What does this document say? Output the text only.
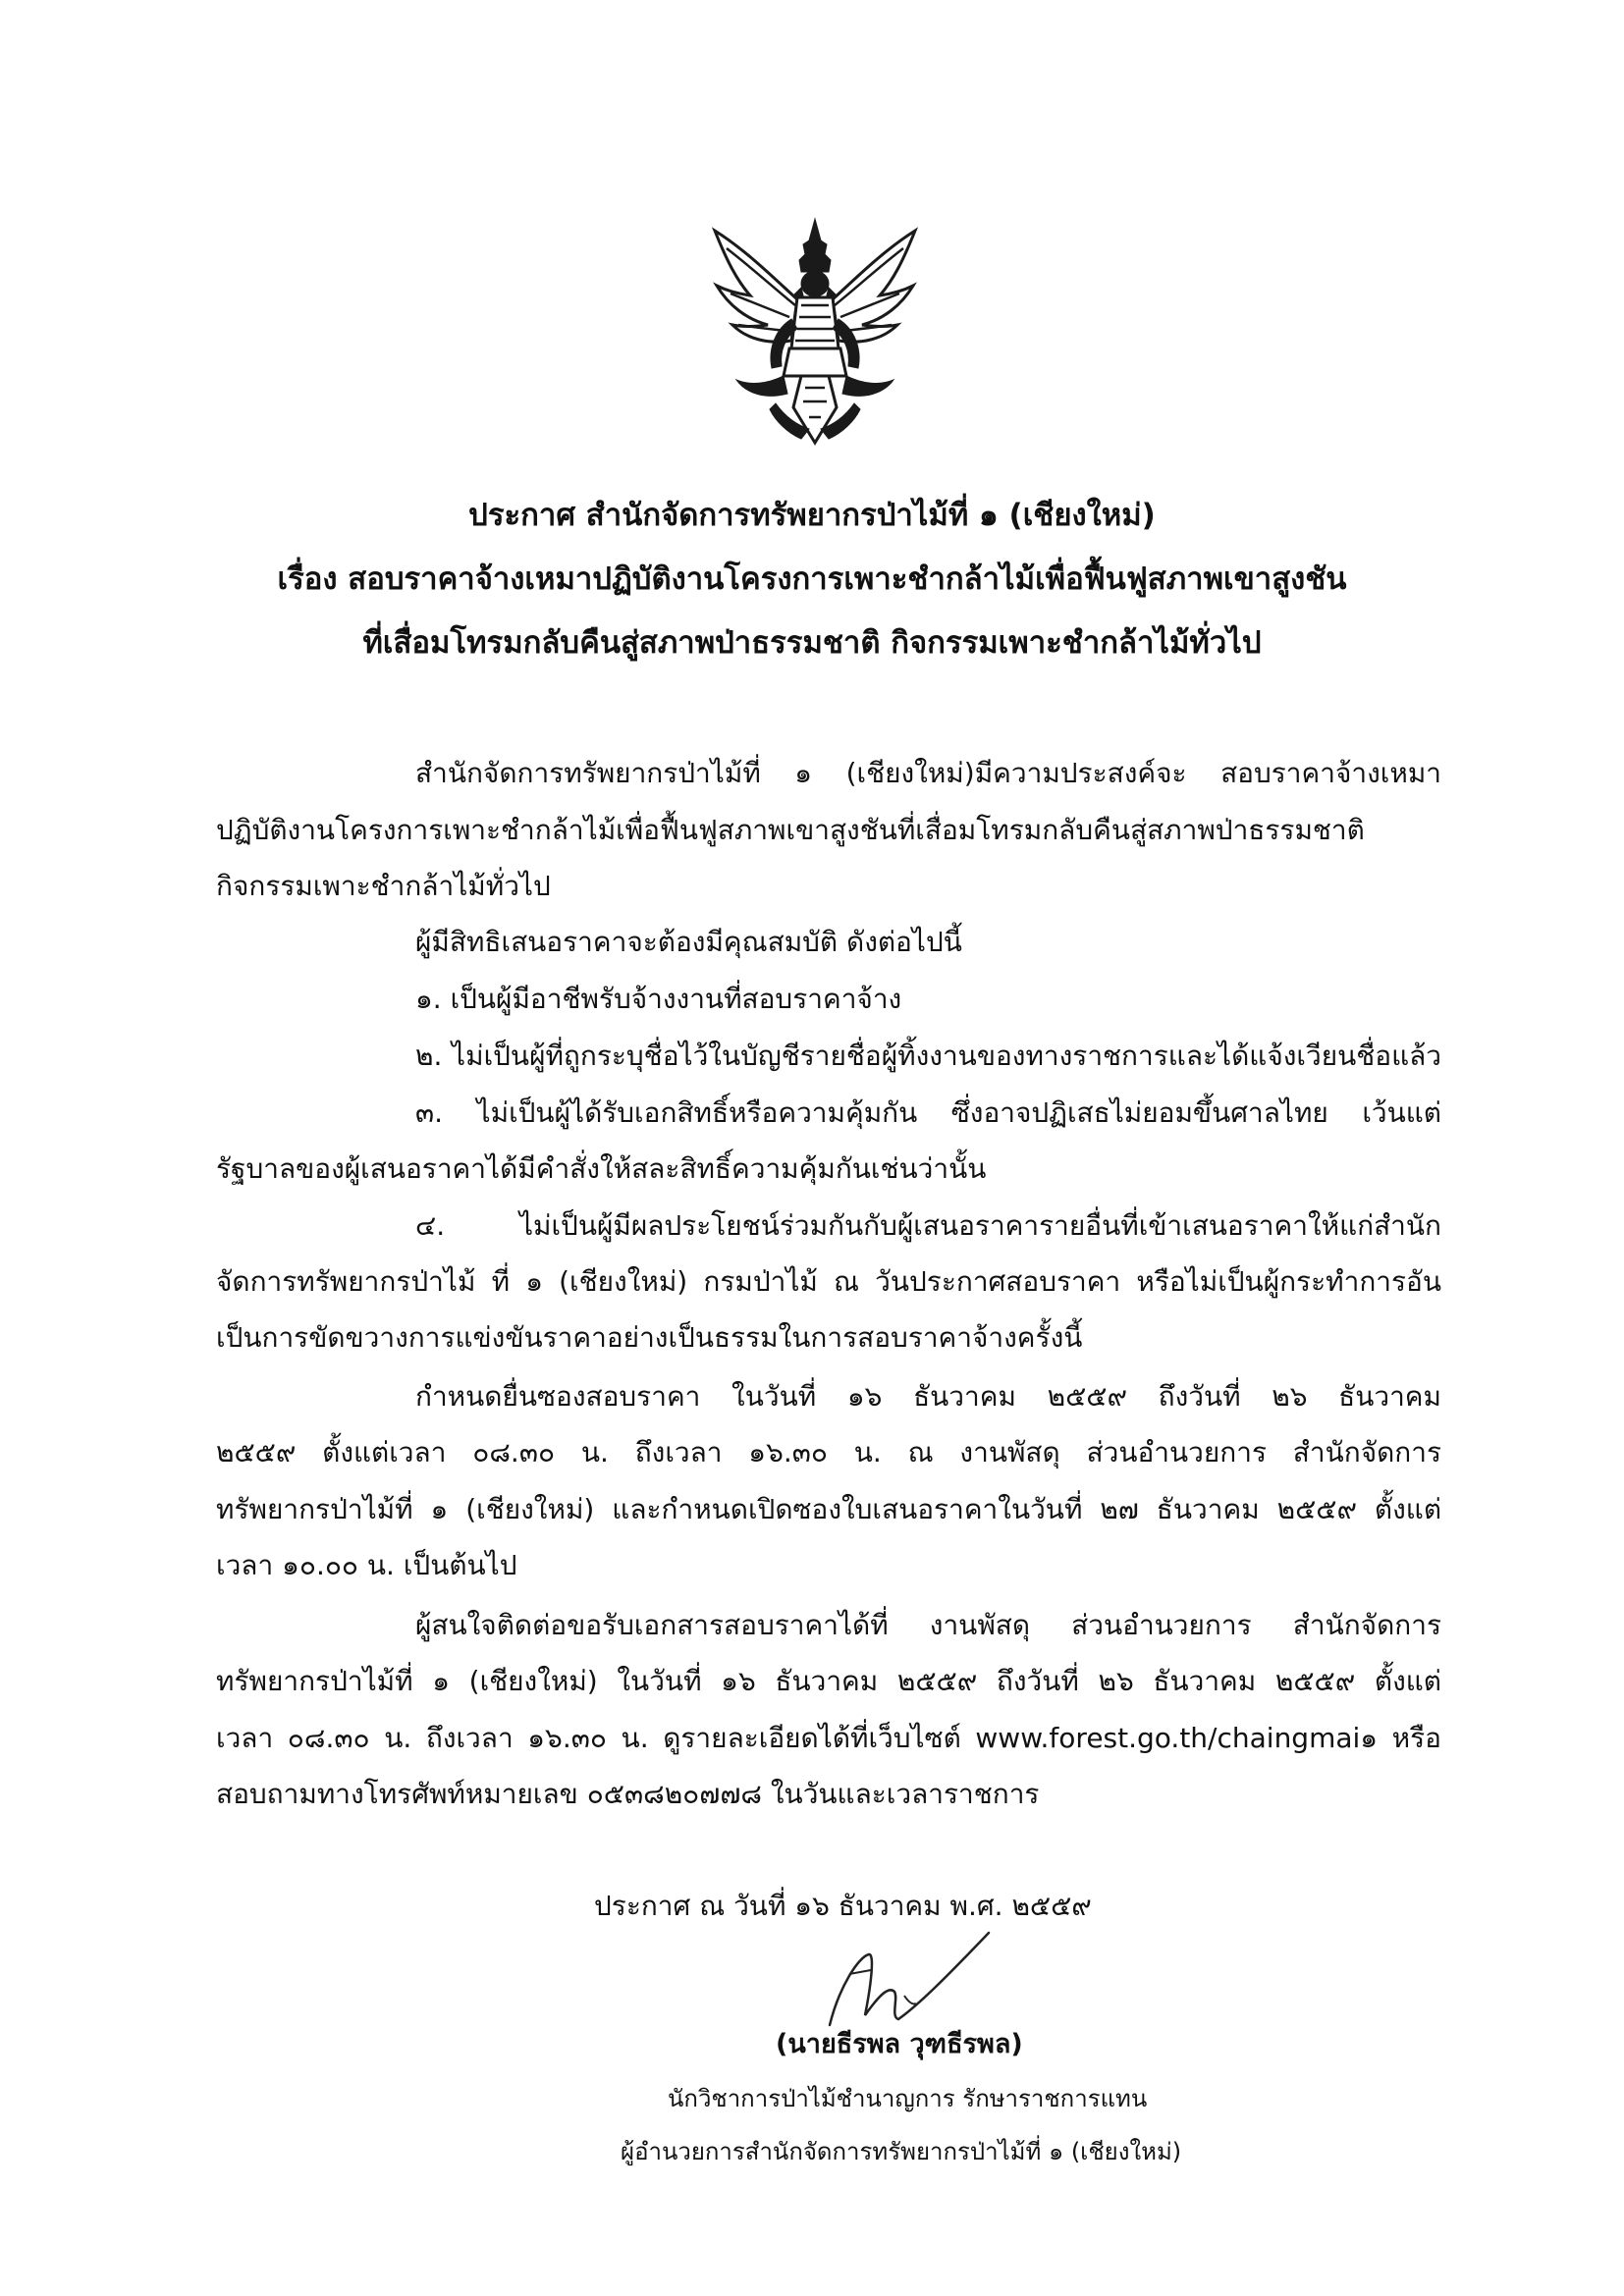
ประกาศ สำนักจัดการทรัพยากรป่าไม้ที่ ๑ (เชียงใหม่)
เรื่อง สอบราคาจ้างเหมาปฏิบัติงานโครงการเพาะชำกล้าไม้เพื่อฟื้นฟูสภาพเขาสูงชัน
ที่เสื่อมโทรมกลับคืนสู่สภาพป่าธรรมชาติ กิจกรรมเพาะชำกล้าไม้ทั่วไป
สำนักจัดการทรัพยากรป่าไม้ที่ ๑ (เชียงใหม่)มีความประสงค์จะ สอบราคาจ้างเหมา
ปฏิบัติงานโครงการเพาะชำกล้าไม้เพื่อฟื้นฟูสภาพเขาสูงชันที่เสื่อมโทรมกลับคืนสู่สภาพป่าธรรมชาติ
กิจกรรมเพาะชำกล้าไม้ทั่วไป
ผู้มีสิทธิเสนอราคาจะต้องมีคุณสมบัติ ดังต่อไปนี้
๑. เป็นผู้มีอาชีพรับจ้างงานที่สอบราคาจ้าง
๒. ไม่เป็นผู้ที่ถูกระบุชื่อไว้ในบัญชีรายชื่อผู้ทิ้งงานของทางราชการและได้แจ้งเวียนชื่อแล้ว
๓. ไม่เป็นผู้ได้รับเอกสิทธิ์หรือความคุ้มกัน ซึ่งอาจปฏิเสธไม่ยอมขึ้นศาลไทย เว้นแต่
รัฐบาลของผู้เสนอราคาได้มีคำสั่งให้สละสิทธิ์ความคุ้มกันเช่นว่านั้น
๔. ไม่เป็นผู้มีผลประโยชน์ร่วมกันกับผู้เสนอราคารายอื่นที่เข้าเสนอราคาให้แก่สำนัก
จัดการทรัพยากรป่าไม้ ที่ ๑ (เชียงใหม่) กรมป่าไม้ ณ วันประกาศสอบราคา หรือไม่เป็นผู้กระทำการอัน
เป็นการขัดขวางการแข่งขันราคาอย่างเป็นธรรมในการสอบราคาจ้างครั้งนี้
กำหนดยื่นซองสอบราคา ในวันที่ ๑๖ ธันวาคม ๒๕๕๙ ถึงวันที่ ๒๖ ธันวาคม
๒๕๕๙ ตั้งแต่เวลา ๐๘.๓๐ น. ถึงเวลา ๑๖.๓๐ น. ณ งานพัสดุ ส่วนอำนวยการ สำนักจัดการ
ทรัพยากรป่าไม้ที่ ๑ (เชียงใหม่) และกำหนดเปิดซองใบเสนอราคาในวันที่ ๒๗ ธันวาคม ๒๕๕๙ ตั้งแต่
เวลา ๑๐.๐๐ น. เป็นต้นไป
ผู้สนใจติดต่อขอรับเอกสารสอบราคาได้ที่ งานพัสดุ ส่วนอำนวยการ สำนักจัดการ
ทรัพยากรป่าไม้ที่ ๑ (เชียงใหม่) ในวันที่ ๑๖ ธันวาคม ๒๕๕๙ ถึงวันที่ ๒๖ ธันวาคม ๒๕๕๙ ตั้งแต่
เวลา ๐๘.๓๐ น. ถึงเวลา ๑๖.๓๐ น. ดูรายละเอียดได้ที่เว็บไซต์ www.forest.go.th/chaingmai๑ หรือ
สอบถามทางโทรศัพท์หมายเลข ๐๕๓๘๒๐๗๗๘ ในวันและเวลาราชการ
ประกาศ ณ วันที่ ๑๖ ธันวาคม พ.ศ. ๒๕๕๙
(นายธีรพล วุฑธีรพล)
นักวิชาการป่าไม้ชำนาญการ รักษาราชการแทน
ผู้อำนวยการสำนักจัดการทรัพยากรป่าไม้ที่ ๑ (เชียงใหม่)
